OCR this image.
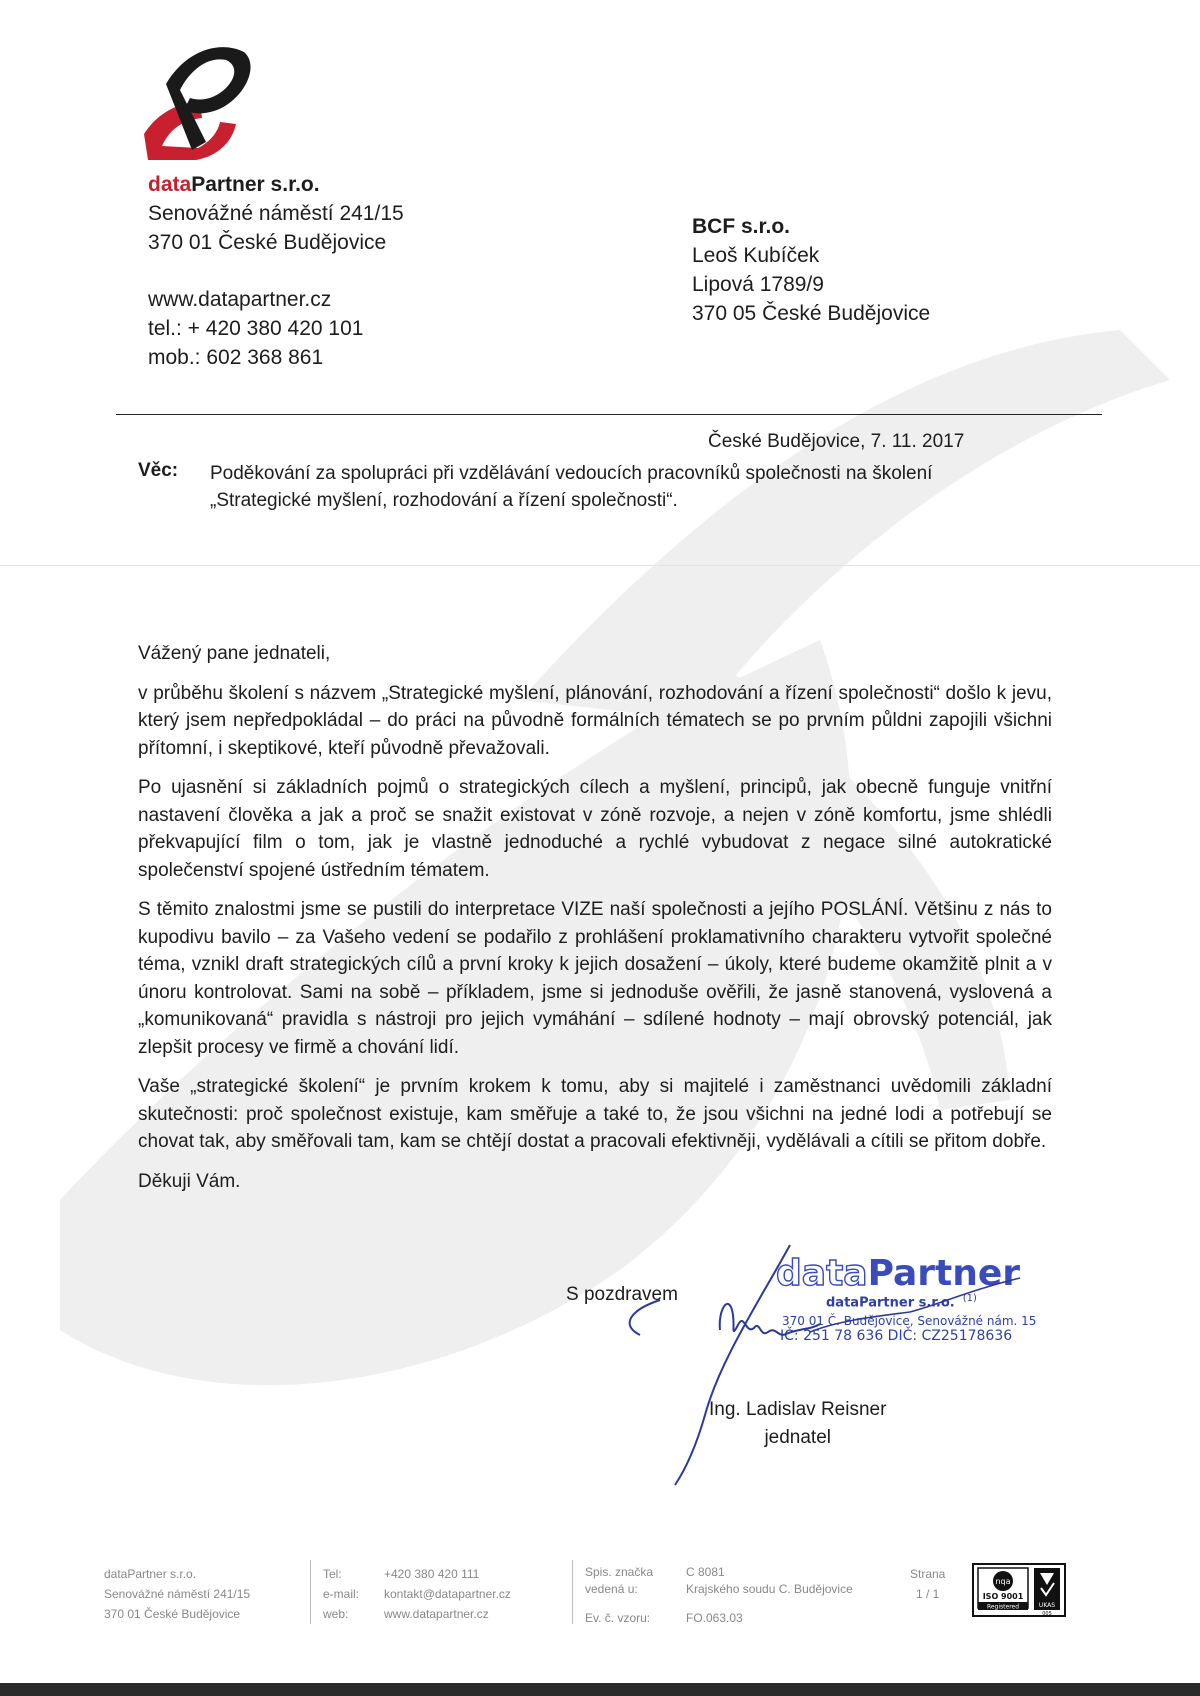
dataPartner s.r.o.
Senovážné náměstí 241/15
370 01 České Budějovice
www.datapartner.cz
tel.: + 420 380 420 101
mob.: 602 368 861
BCF s.r.o.
Leoš Kubíček
Lipová 1789/9
370 05 České Budějovice
České Budějovice, 7. 11. 2017
Věc: Poděkování za spolupráci při vzdělávání vedoucích pracovníků společnosti na školení
„Strategické myšlení, rozhodování a řízení společnosti“.

Vážený pane jednateli,

v průběhu školení s názvem „Strategické myšlení, plánování, rozhodování a řízení společnosti“ došlo k jevu, který jsem nepředpokládal – do práci na původně formálních tématech se po prvním půldni zapojili všichni přítomní, i skeptikové, kteří původně převažovali.

Po ujasnění si základních pojmů o strategických cílech a myšlení, principů, jak obecně funguje vnitřní nastavení člověka a jak a proč se snažit existovat v zóně rozvoje, a nejen v zóně komfortu, jsme shlédli překvapující film o tom, jak je vlastně jednoduché a rychlé vybudovat z negace silné autokratické společenství spojené ústředním tématem.

S těmito znalostmi jsme se pustili do interpretace VIZE naší společnosti a jejího POSLÁNÍ. Většinu z nás to kupodivu bavilo – za Vašeho vedení se podařilo z prohlášení proklamativního charakteru vytvořit společné téma, vznikl draft strategických cílů a první kroky k jejich dosažení – úkoly, které budeme okamžitě plnit a v únoru kontrolovat. Sami na sobě – příkladem, jsme si jednoduše ověřili, že jasně stanovená, vyslovená a „komunikovaná“ pravidla s nástroji pro jejich vymáhání – sdílené hodnoty – mají obrovský potenciál, jak zlepšit procesy ve firmě a chování lidí.

Vaše „strategické školení“ je prvním krokem k tomu, aby si majitelé i zaměstnanci uvědomili základní skutečnosti: proč společnost existuje, kam směřuje a také to, že jsou všichni na jedné lodi a potřebují se chovat tak, aby směřovali tam, kam se chtějí dostat a pracovali efektivněji, vydělávali a cítili se přitom dobře.

Děkuji Vám.

S pozdravem
dataPartner
dataPartner s.r.o. $^{(1)}$
370 01 Č. Budějovice, Senovážné nám. 15
IČ: 251 78 636 DIČ: CZ25178636
Ing. Ladislav Reisner
jednatel
dataPartner s.r.o.
Senovážné náměstí 241/15
370 01 České Budějovice
Tel:
e-mail:
web:
+420 380 420 111
kontakt@datapartner.cz
www.datapartner.cz
Spis. značka vedená u:
Ev. č. vzoru:
C 8081
Krajského soudu C. Budějovice
FO.063.03
Strana
1 / 1
nqa
ISO 9001
Registered	UKAS
005
